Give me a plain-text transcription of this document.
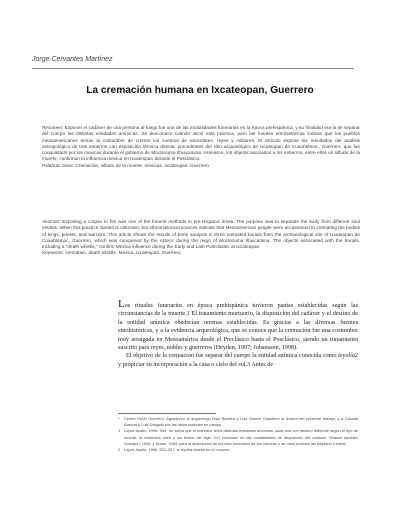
Jorge Cervantes Martínez
La cremación humana en Ixcateopan, Guerrero
Resumen: Exponer el cadáver de una persona al fuego fue una de las modalidades funerarias en la época prehispánica, y su finalidad era la de separar del cuerpo las distintas entidades anímicas. Se desconoce cuándo inició esta práctica, pero las fuentes etnohistóricas indican que los pueblos mesoamericanos tenían la costumbre de cremar los cuerpos de sacerdotes, reyes y militares. El artículo expone los resultados del análisis antropológico de tres entierros con exposición térmica directa, procedentes del sitio arqueológico de Ixcateopan de Cuauhtémoc, Guerrero, que fue conquistado por los mexicas durante el gobierno de Moctezuma Ilhuicamina. Asimismo, los objetos asociados a los entierros, entre ellos un silbato de la muerte, confirman la influencia mexica en Ixcateopan durante el Posclásico.
Palabras clave: Cremación, silbato de la muerte, mexicas, Ixcateopan, Guerrero.
Abstract: Exposing a corpse to fire was one of the funeral methods in pre-Hispanic times. The purpose was to separate the body from different soul entities. When this practice started is unknown, but ethnohistorical sources indicate that Mesoamerican people were accustomed to cremating the bodies of kings, priests, and warriors. This article shows the results of bone analysis in three cremated burials from the archaeological site of Ixcateopan de Cuauhtémoc, Guerrero, which was conquered by the Aztecs during the reign of Moctezuma Ilhuicamina. The objects associated with the burials, including a “death whistle,” confirm Mexica influence during the Early and Late Postclassic at Ixcateopan.
Keywords: cremation, death whistle, Mexica, Ixcateopan, Guerrero.

Los rituales funerarios en época prehispánica tuvieron pautas establecidas según las circunstancias de la muerte.1 El tratamiento mortuorio, la disposición del cadáver y el destino de la entidad anímica obedecían normas establecidas. Es gracias a las diversas fuentes etnohistóricas, y a la evidencia arqueológica, que se conoce que la cremación fue una costumbre muy arraigada en Mesoamérica desde el Preclásico hasta el Posclásico, siendo un tratamiento suscrito para reyes, nobles y guerreros (Heyden, 1997; Johansson, 1998).

El objetivo de la cremación fue separar del cuerpo la entidad anímica conocida como teyolía2 y propiciar su incorporación a la casa o cielo del sol.3 Antes de

* Centro INAH Guerrero. Agradezco al arqueólogo Raúl Barrera y Luis Gómez Gastélum la lectura del presente trabajo, y a Claudia Alarcón y Luis Delgado por las observaciones en campo.

1 López Austin, 1996: 359. Se sabía que el individuo tenía distintas entidades anímicas, cada una con destino diferente según el tipo de muerte; la evidencia ósea y los textos del siglo XVI coinciden en las modalidades de disposición del cadáver. Véanse también Sahagún, 1969, y Durán, 1984, para la descripción de los ritos funerarios de los mexicas y de otros pueblos del Altiplano Central.

2 López Austin, 1996: 252–257; la teyolía residía en el corazón.
